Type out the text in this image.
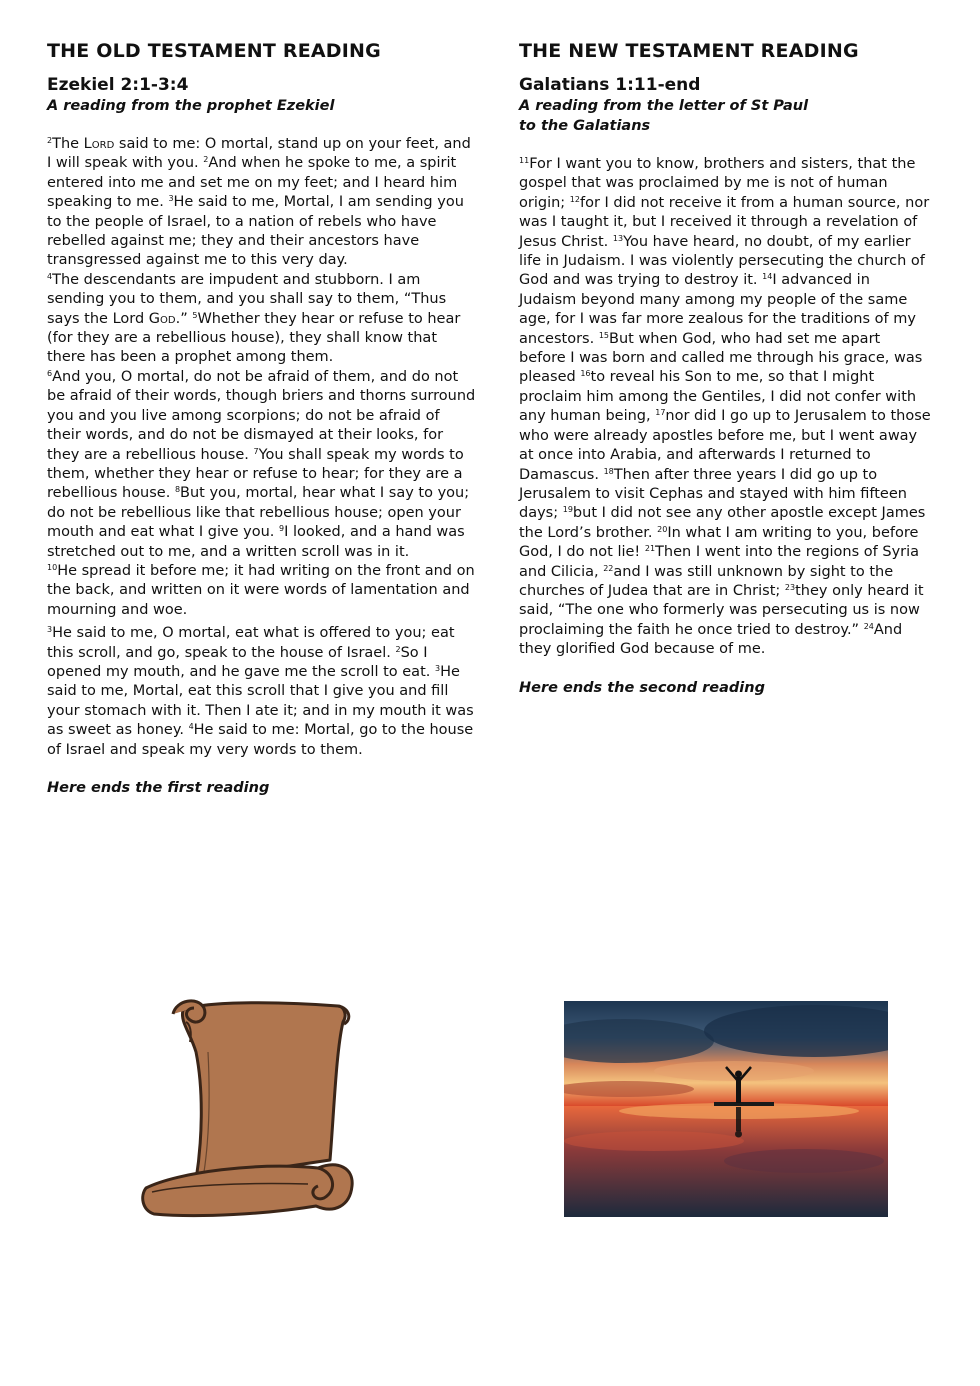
THE OLD TESTAMENT READING
Ezekiel 2:1-3:4

A reading from the prophet Ezekiel

$^2$The Lord said to me: O mortal, stand up on your feet, and I will speak with you. $^2$And when he spoke to me, a spirit entered into me and set me on my feet; and I heard him speaking to me. $^3$He said to me, Mortal, I am sending you to the people of Israel, to a nation of rebels who have rebelled against me; they and their ancestors have transgressed against me to this very day.

$^4$The descendants are impudent and stubborn. I am sending you to them, and you shall say to them, “Thus says the Lord God.” $^5$Whether they hear or refuse to hear (for they are a rebellious house), they shall know that there has been a prophet among them.

$^6$And you, O mortal, do not be afraid of them, and do not be afraid of their words, though briers and thorns surround you and you live among scorpions; do not be afraid of their words, and do not be dismayed at their looks, for they are a rebellious house. $^7$You shall speak my words to them, whether they hear or refuse to hear; for they are a rebellious house. $^8$But you, mortal, hear what I say to you; do not be rebellious like that rebellious house; open your mouth and eat what I give you. $^9$I looked, and a hand was stretched out to me, and a written scroll was in it.

$^{10}$He spread it before me; it had writing on the front and on the back, and written on it were words of lamentation and mourning and woe.

$^3$He said to me, O mortal, eat what is offered to you; eat this scroll, and go, speak to the house of Israel. $^2$So I opened my mouth, and he gave me the scroll to eat. $^3$He said to me, Mortal, eat this scroll that I give you and fill your stomach with it. Then I ate it; and in my mouth it was as sweet as honey. $^4$He said to me: Mortal, go to the house of Israel and speak my very words to them.

Here ends the first reading

THE NEW TESTAMENT READING
Galatians 1:11-end

A reading from the letter of St Paul
to the Galatians

$^{11}$For I want you to know, brothers and sisters, that the gospel that was proclaimed by me is not of human origin; $^{12}$for I did not receive it from a human source, nor was I taught it, but I received it through a revelation of Jesus Christ. $^{13}$You have heard, no doubt, of my earlier life in Judaism. I was violently persecuting the church of God and was trying to destroy it. $^{14}$I advanced in Judaism beyond many among my people of the same age, for I was far more zealous for the traditions of my ancestors. $^{15}$But when God, who had set me apart before I was born and called me through his grace, was pleased $^{16}$to reveal his Son to me, so that I might proclaim him among the Gentiles, I did not confer with any human being, $^{17}$nor did I go up to Jerusalem to those who were already apostles before me, but I went away at once into Arabia, and afterwards I returned to Damascus. $^{18}$Then after three years I did go up to Jerusalem to visit Cephas and stayed with him fifteen days; $^{19}$but I did not see any other apostle except James the Lord’s brother. $^{20}$In what I am writing to you, before God, I do not lie! $^{21}$Then I went into the regions of Syria and Cilicia, $^{22}$and I was still unknown by sight to the churches of Judea that are in Christ; $^{23}$they only heard it said, “The one who formerly was persecuting us is now proclaiming the faith he once tried to destroy.” $^{24}$And they glorified God because of me.

Here ends the second reading
